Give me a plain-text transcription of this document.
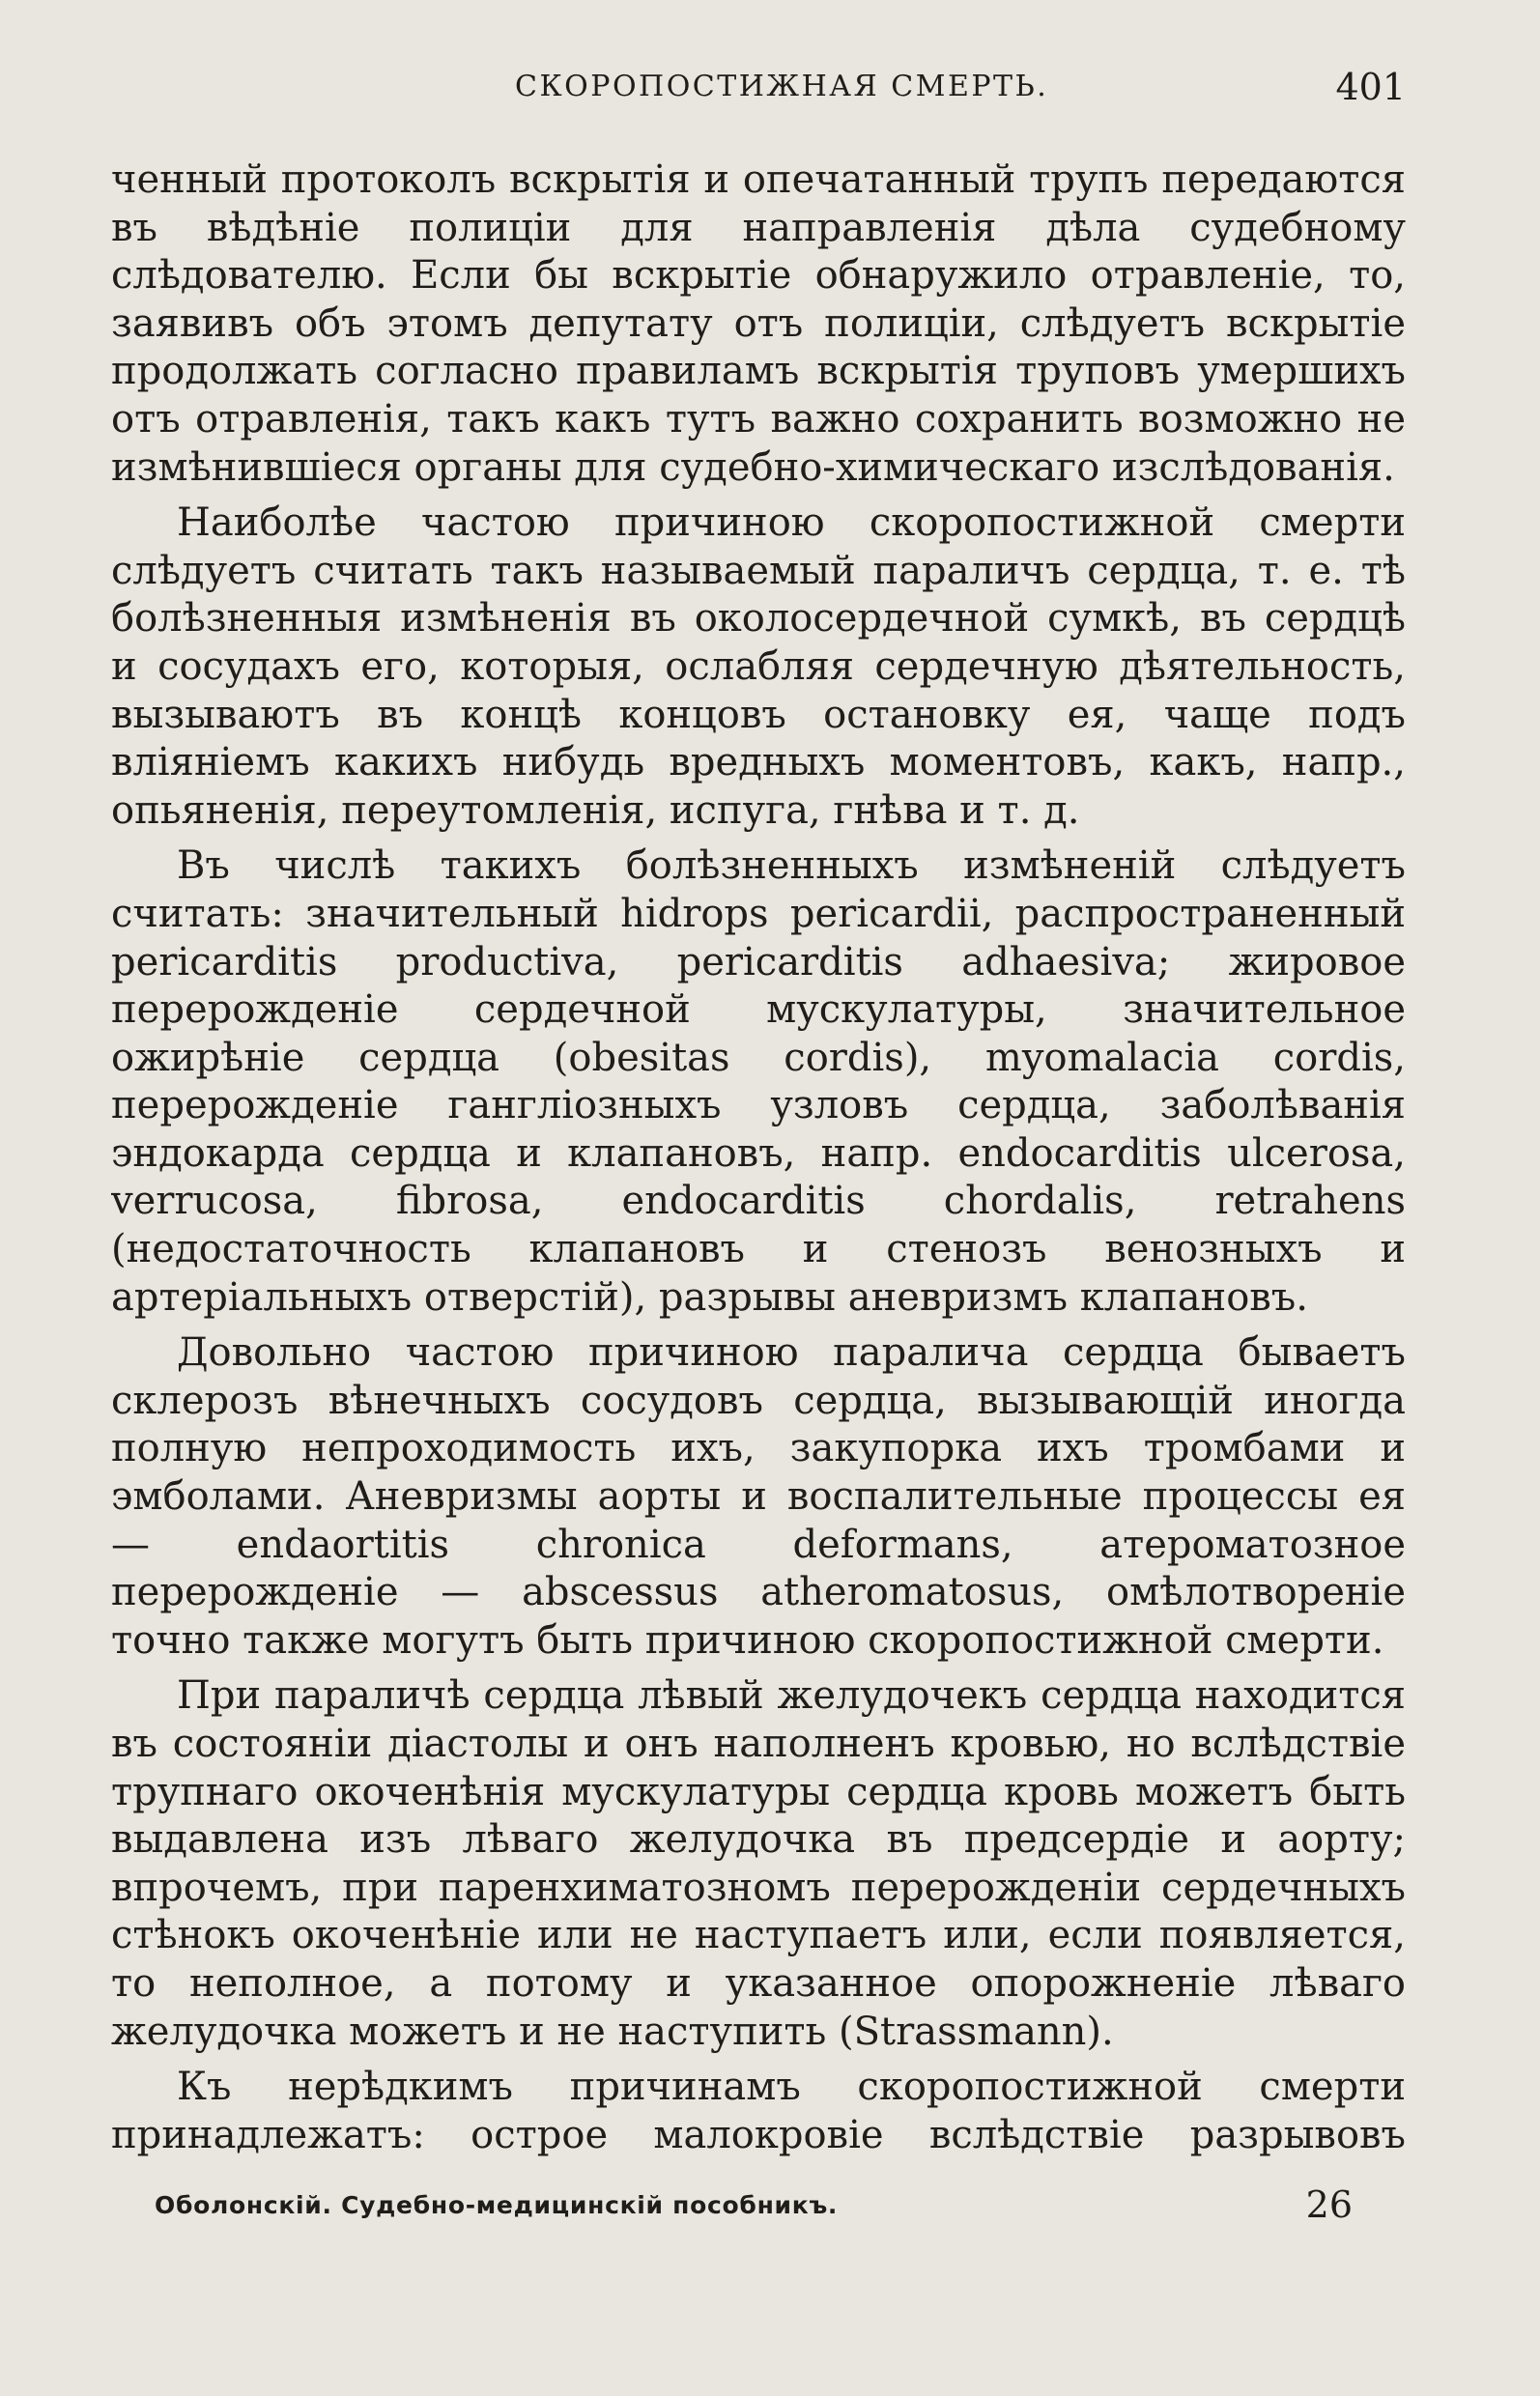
СКОРОПОСТИЖНАЯ СМЕРТЬ.	401

ченный протоколъ вскрытія и опечатанный трупъ передаются въ вѣдѣніе полиціи для направленія дѣла судебному слѣдователю. Если бы вскрытіе обнаружило отравленіе, то, заявивъ объ этомъ депутату отъ полиціи, слѣдуетъ вскрытіе продолжать согласно правиламъ вскрытія труповъ умершихъ отъ отравленія, такъ какъ тутъ важно сохранить возможно не измѣнившіеся органы для судебно-химическаго изслѣдованія.

Наиболѣе частою причиною скоропостижной смерти слѣдуетъ считать такъ называемый параличъ сердца, т. е. тѣ болѣзненныя измѣненія въ околосердечной сумкѣ, въ сердцѣ и сосудахъ его, которыя, ослабляя сердечную дѣятельность, вызываютъ въ концѣ концовъ остановку ея, чаще подъ вліяніемъ какихъ нибудь вредныхъ моментовъ, какъ, напр., опьяненія, переутомленія, испуга, гнѣва и т. д.

Въ числѣ такихъ болѣзненныхъ измѣненій слѣдуетъ считать: значительный hidrops pericardii, распространенный pericarditis productiva, pericarditis adhaesiva; жировое перерожденіе сердечной мускулатуры, значительное ожирѣніе сердца (obesitas cordis), myomalacia cordis, перерожденіе ганглiозныхъ узловъ сердца, заболѣванія эндокарда сердца и клапановъ, напр. endocarditis ulcerosa, verrucosa, fibrosa, endocarditis chordalis, retrahens (недостаточность клапановъ и стенозъ венозныхъ и артеріальныхъ отверстій), разрывы аневризмъ клапановъ.

Довольно частою причиною паралича сердца бываетъ склерозъ вѣнечныхъ сосудовъ сердца, вызывающій иногда полную непроходимость ихъ, закупорка ихъ тромбами и эмболами. Аневризмы аорты и воспалительные процессы ея — endaortitis chronica deformans, атероматозное перерожденіе — abscessus atheromatosus, омѣлотвореніе точно также могутъ быть причиною скоропостижной смерти.

При параличѣ сердца лѣвый желудочекъ сердца находится въ состояніи діастолы и онъ наполненъ кровью, но вслѣдствіе трупнаго окоченѣнія мускулатуры сердца кровь можетъ быть выдавлена изъ лѣваго желудочка въ предсердіе и аорту; впрочемъ, при паренхиматозномъ перерожденіи сердечныхъ стѣнокъ окоченѣніе или не наступаетъ или, если появляется, то неполное, а потому и указанное опорожненіе лѣваго желудочка можетъ и не наступить (Strassmann).

Къ нерѣдкимъ причинамъ скоропостижной смерти принадлежатъ: острое малокровіе вслѣдствіе разрывовъ

Оболонскій. Судебно-медицинскій пособникъ.	26
